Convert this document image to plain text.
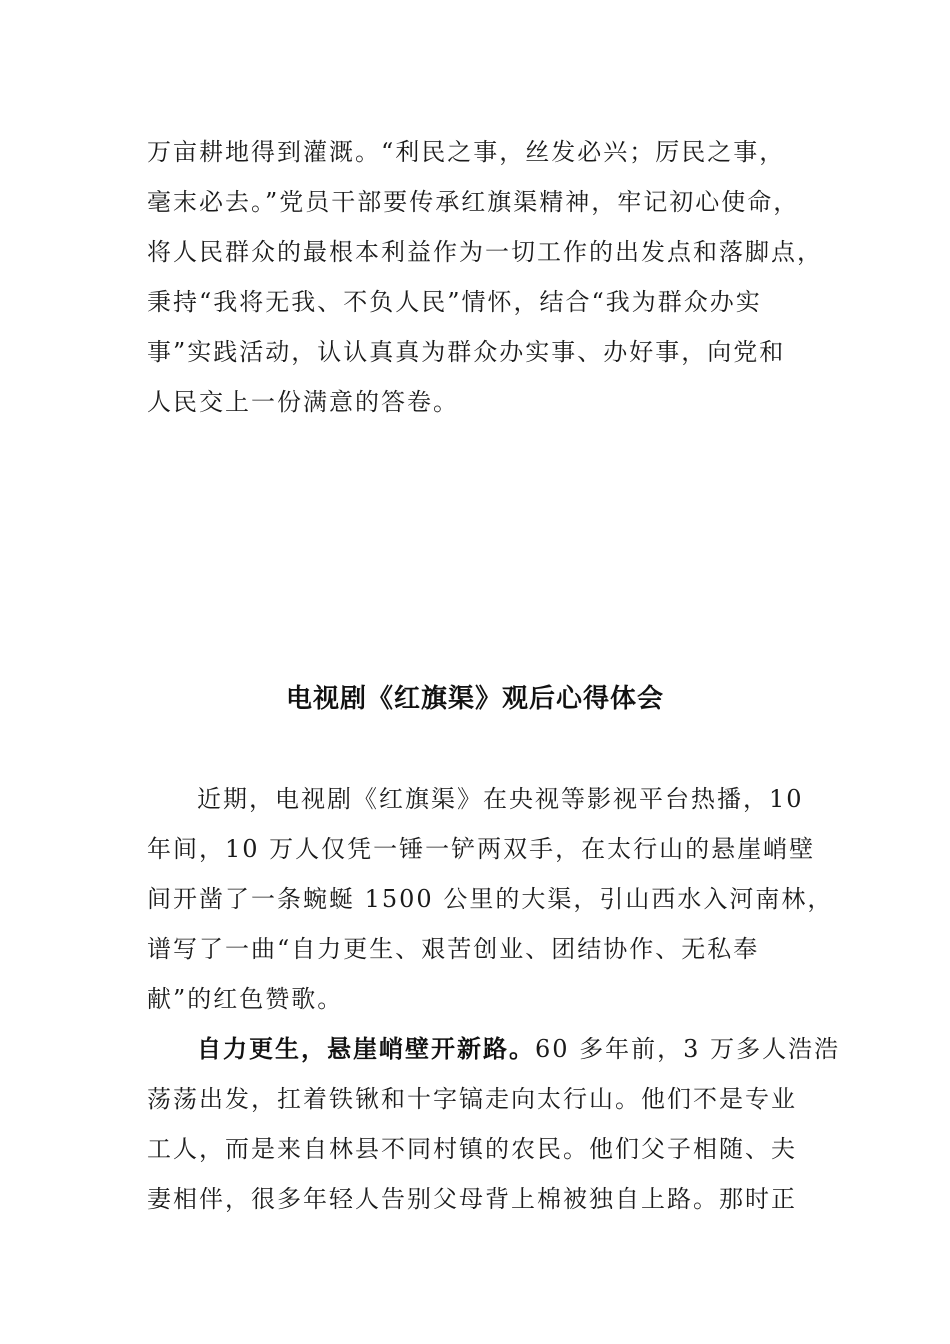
万亩耕地得到灌溉。“利民之事，丝发必兴；厉民之事，
毫末必去。”党员干部要传承红旗渠精神，牢记初心使命，
将人民群众的最根本利益作为一切工作的出发点和落脚点，
秉持“我将无我、不负人民”情怀，结合“我为群众办实
事”实践活动，认认真真为群众办实事、办好事，向党和
人民交上一份满意的答卷。
电视剧《红旗渠》观后心得体会
近期，电视剧《红旗渠》在央视等影视平台热播，10
年间，10 万人仅凭一锤一铲两双手，在太行山的悬崖峭壁
间开凿了一条蜿蜒 1500 公里的大渠，引山西水入河南林，
谱写了一曲“自力更生、艰苦创业、团结协作、无私奉
献”的红色赞歌。
自力更生，悬崖峭壁开新路。60 多年前，3 万多人浩浩
荡荡出发，扛着铁锹和十字镐走向太行山。他们不是专业
工人，而是来自林县不同村镇的农民。他们父子相随、夫
妻相伴，很多年轻人告别父母背上棉被独自上路。那时正
